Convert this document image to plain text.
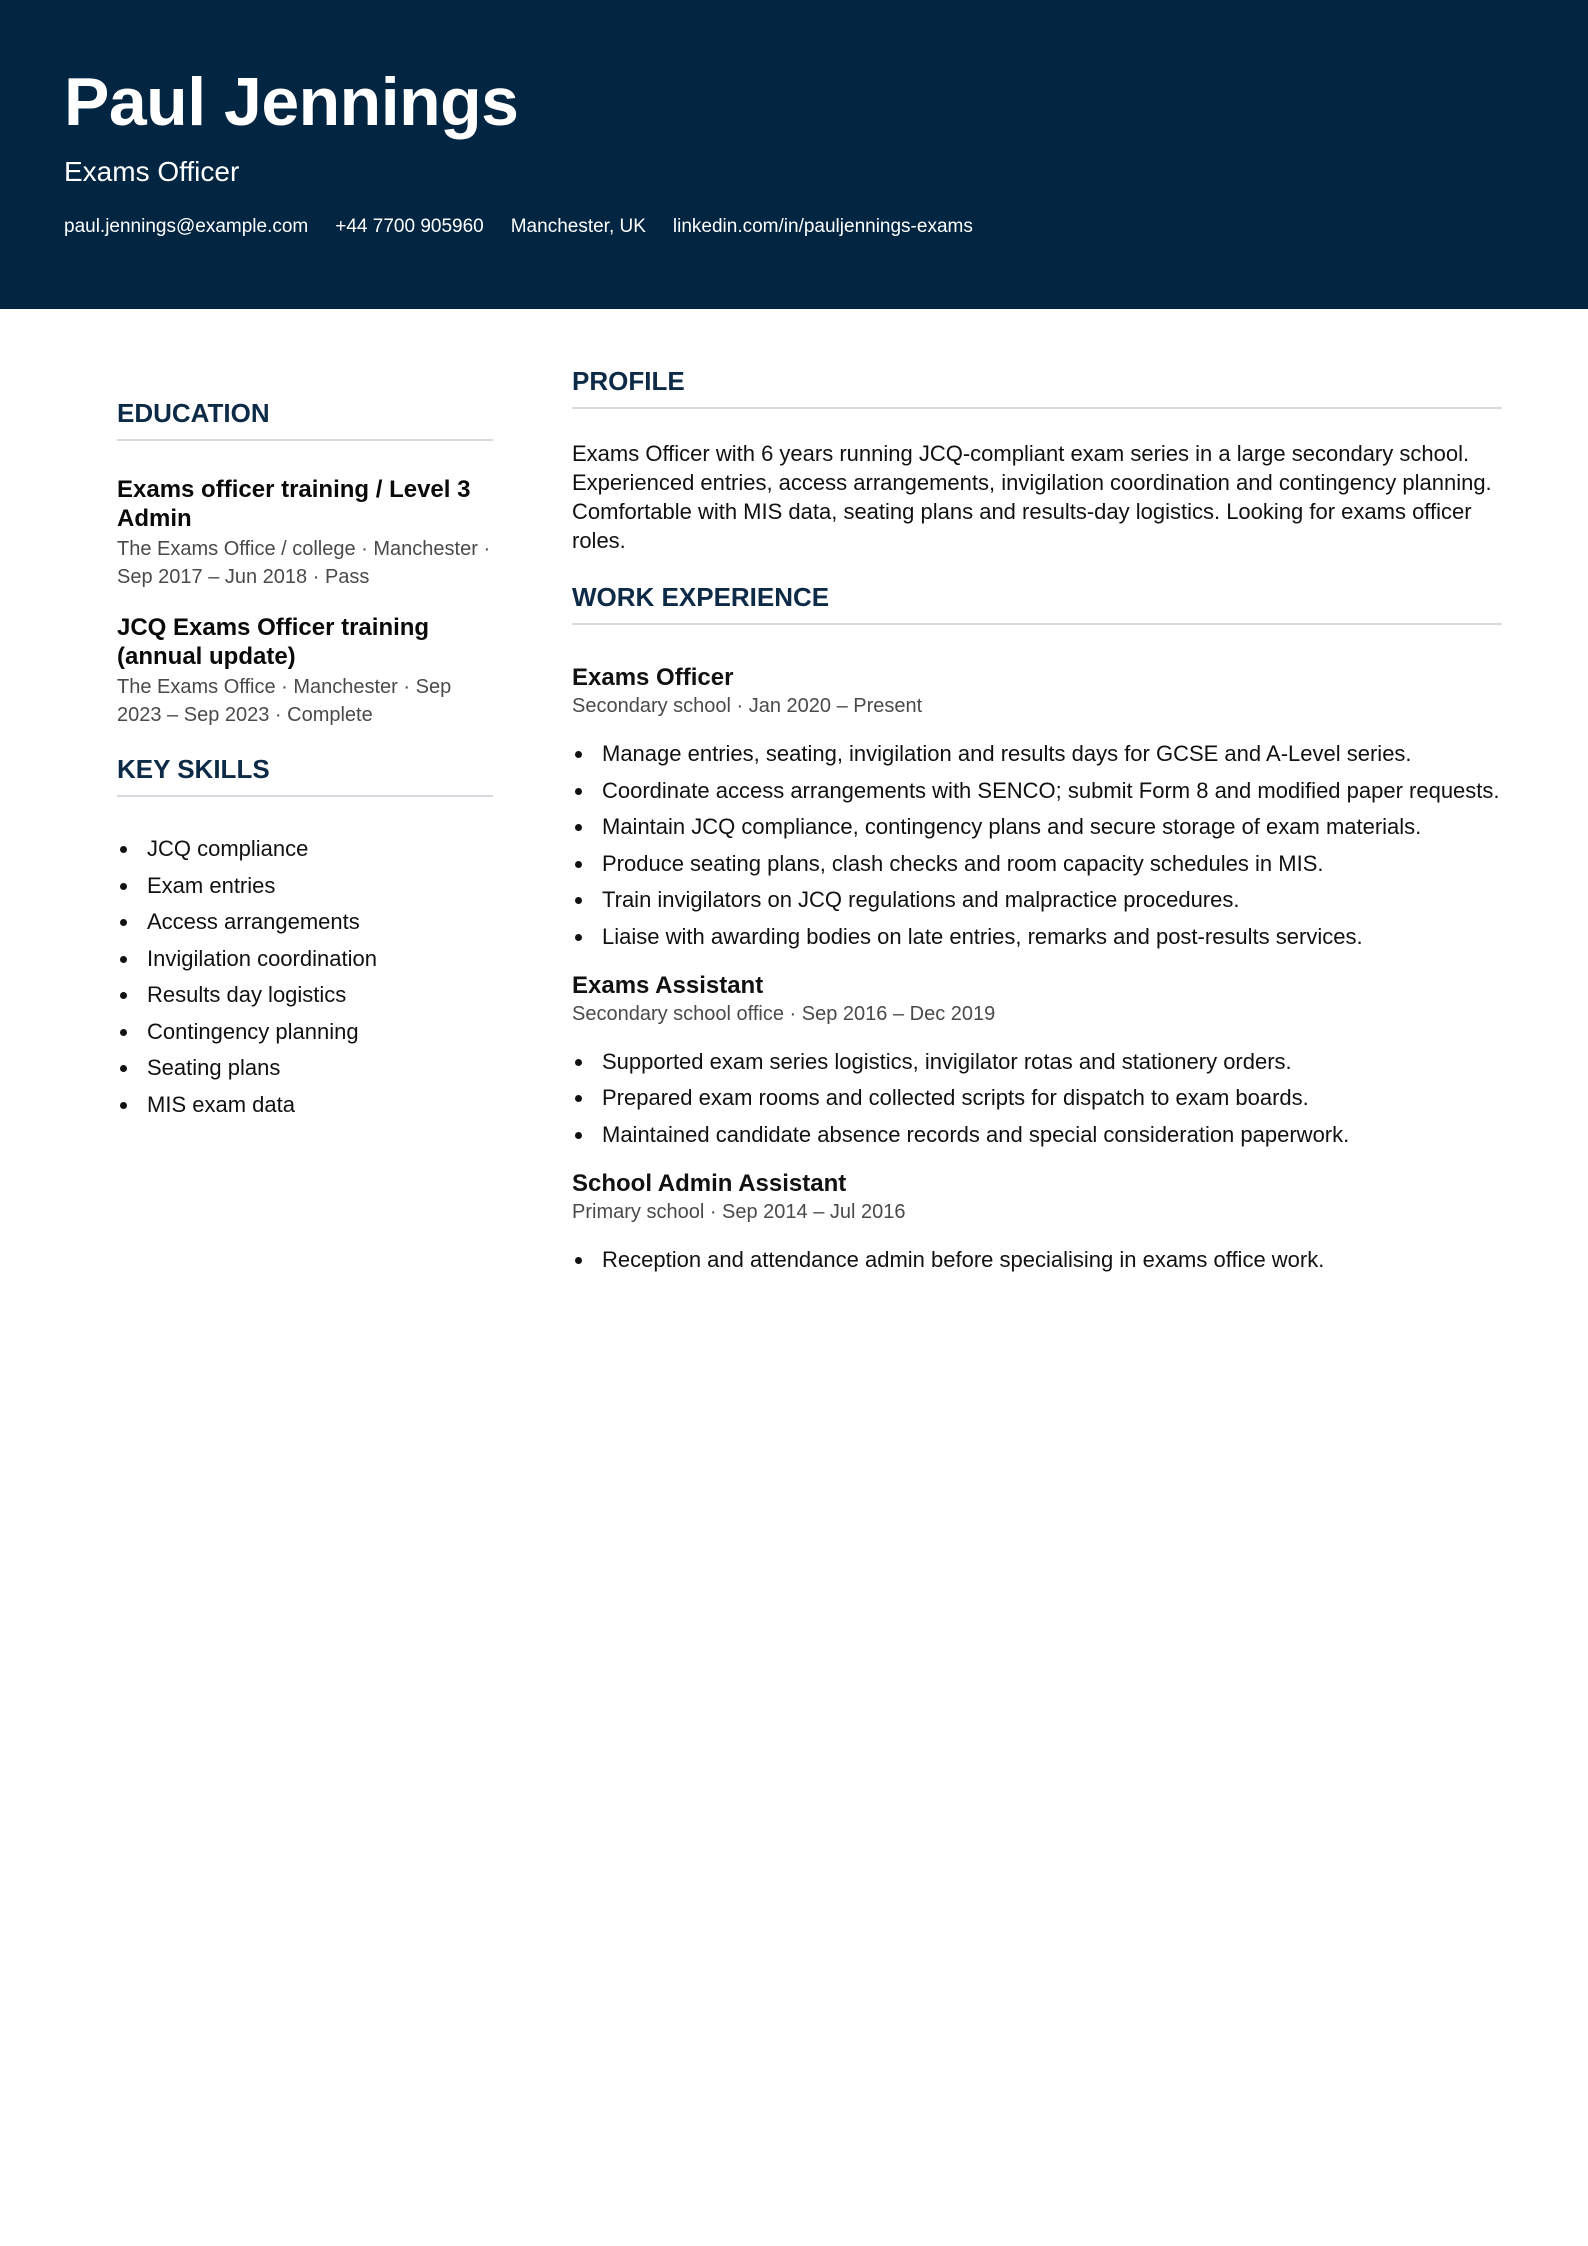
Paul Jennings
Exams Officer
paul.jennings@example.com +44 7700 905960 Manchester, UK linkedin.com/in/pauljennings-exams
EDUCATION
Exams officer training / Level 3 Admin
The Exams Office / college · Manchester · Sep 2017 – Jun 2018 · Pass
JCQ Exams Officer training (annual update)
The Exams Office · Manchester · Sep 2023 – Sep 2023 · Complete
KEY SKILLS
JCQ compliance
Exam entries
Access arrangements
Invigilation coordination
Results day logistics
Contingency planning
Seating plans
MIS exam data
PROFILE

Exams Officer with 6 years running JCQ-compliant exam series in a large secondary school. Experienced entries, access arrangements, invigilation coordination and contingency planning. Comfortable with MIS data, seating plans and results-day logistics. Looking for exams officer roles.

WORK EXPERIENCE
Exams Officer
Secondary school · Jan 2020 – Present
Manage entries, seating, invigilation and results days for GCSE and A-Level series.
Coordinate access arrangements with SENCO; submit Form 8 and modified paper requests.
Maintain JCQ compliance, contingency plans and secure storage of exam materials.
Produce seating plans, clash checks and room capacity schedules in MIS.
Train invigilators on JCQ regulations and malpractice procedures.
Liaise with awarding bodies on late entries, remarks and post-results services.
Exams Assistant
Secondary school office · Sep 2016 – Dec 2019
Supported exam series logistics, invigilator rotas and stationery orders.
Prepared exam rooms and collected scripts for dispatch to exam boards.
Maintained candidate absence records and special consideration paperwork.
School Admin Assistant
Primary school · Sep 2014 – Jul 2016
Reception and attendance admin before specialising in exams office work.
